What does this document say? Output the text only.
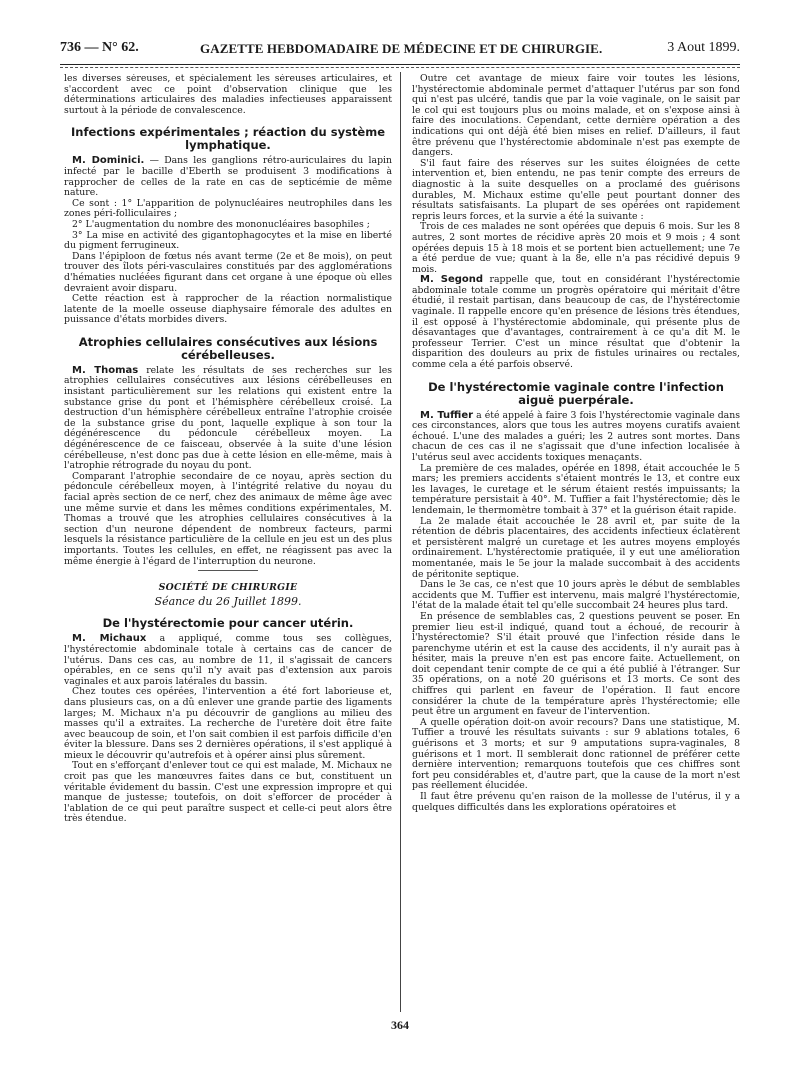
736 — N° 62.	GAZETTE HEBDOMADAIRE DE MÉDECINE ET DE CHIRURGIE.	3 Aout 1899.

les diverses séreuses, et spécialement les séreuses articulaires, et s'accordent avec ce point d'observation clinique que les déterminations articulaires des maladies infectieuses apparaissent surtout à la période de convalescence.

Infections expérimentales ; réaction du système lymphatique.

M. Dominici. — Dans les ganglions rétro-auriculaires du lapin infecté par le bacille d'Eberth se produisent 3 modifications à rapprocher de celles de la rate en cas de septicémie de même nature.

Ce sont : 1° L'apparition de polynucléaires neutrophiles dans les zones péri-folliculaires ;

2° L'augmentation du nombre des mononucléaires basophiles ;

3° La mise en activité des gigantophagocytes et la mise en liberté du pigment ferrugineux.

Dans l'épiploon de fœtus nés avant terme (2e et 8e mois), on peut trouver des îlots péri-vasculaires constitués par des agglomérations d'hématies nucléées figurant dans cet organe à une époque où elles devraient avoir disparu.

Cette réaction est à rapprocher de la réaction normalistique latente de la moelle osseuse diaphysaire fémorale des adultes en puissance d'états morbides divers.

Atrophies cellulaires consécutives aux lésions cérébelleuses.

M. Thomas relate les résultats de ses recherches sur les atrophies cellulaires consécutives aux lésions cérébelleuses en insistant particulièrement sur les relations qui existent entre la substance grise du pont et l'hémisphère cérébelleux croisé. La destruction d'un hémisphère cérébelleux entraîne l'atrophie croisée de la substance grise du pont, laquelle explique à son tour la dégénérescence du pédoncule cérébelleux moyen. La dégénérescence de ce faisceau, observée à la suite d'une lésion cérébelleuse, n'est donc pas due à cette lésion en elle-même, mais à l'atrophie rétrograde du noyau du pont.

Comparant l'atrophie secondaire de ce noyau, après section du pédoncule cérébelleux moyen, à l'intégrité relative du noyau du facial après section de ce nerf, chez des animaux de même âge avec une même survie et dans les mêmes conditions expérimentales, M. Thomas a trouvé que les atrophies cellulaires consécutives à la section d'un neurone dépendent de nombreux facteurs, parmi lesquels la résistance particulière de la cellule en jeu est un des plus importants. Toutes les cellules, en effet, ne réagissent pas avec la même énergie à l'égard de l'interruption du neurone.

SOCIÉTÉ DE CHIRURGIE
Séance du 26 Juillet 1899.
De l'hystérectomie pour cancer utérin.

M. Michaux a appliqué, comme tous ses collègues, l'hystérectomie abdominale totale à certains cas de cancer de l'utérus. Dans ces cas, au nombre de 11, il s'agissait de cancers opérables, en ce sens qu'il n'y avait pas d'extension aux parois vaginales et aux parois latérales du bassin.

Chez toutes ces opérées, l'intervention a été fort laborieuse et, dans plusieurs cas, on a dû enlever une grande partie des ligaments larges; M. Michaux n'a pu découvrir de ganglions au milieu des masses qu'il a extraites. La recherche de l'uretère doit être faite avec beaucoup de soin, et l'on sait combien il est parfois difficile d'en éviter la blessure. Dans ses 2 dernières opérations, il s'est appliqué à mieux le découvrir qu'autrefois et à opérer ainsi plus sûrement.

Tout en s'efforçant d'enlever tout ce qui est malade, M. Michaux ne croit pas que les manœuvres faites dans ce but, constituent un véritable évidement du bassin. C'est une expression impropre et qui manque de justesse; toutefois, on doit s'efforcer de procéder à l'ablation de ce qui peut paraître suspect et celle-ci peut alors être très étendue.

Outre cet avantage de mieux faire voir toutes les lésions, l'hystérectomie abdominale permet d'attaquer l'utérus par son fond qui n'est pas ulcéré, tandis que par la voie vaginale, on le saisit par le col qui est toujours plus ou moins malade, et on s'expose ainsi à faire des inoculations. Cependant, cette dernière opération a des indications qui ont déjà été bien mises en relief. D'ailleurs, il faut être prévenu que l'hystérectomie abdominale n'est pas exempte de dangers.

S'il faut faire des réserves sur les suites éloignées de cette intervention et, bien entendu, ne pas tenir compte des erreurs de diagnostic à la suite desquelles on a proclamé des guérisons durables, M. Michaux estime qu'elle peut pourtant donner des résultats satisfaisants. La plupart de ses opérées ont rapidement repris leurs forces, et la survie a été la suivante :

Trois de ces malades ne sont opérées que depuis 6 mois. Sur les 8 autres, 2 sont mortes de récidive après 20 mois et 9 mois ; 4 sont opérées depuis 15 à 18 mois et se portent bien actuellement; une 7e a été perdue de vue; quant à la 8e, elle n'a pas récidivé depuis 9 mois.

M. Segond rappelle que, tout en considérant l'hystérectomie abdominale totale comme un progrès opératoire qui méritait d'être étudié, il restait partisan, dans beaucoup de cas, de l'hystérectomie vaginale. Il rappelle encore qu'en présence de lésions très étendues, il est opposé à l'hystérectomie abdominale, qui présente plus de désavantages que d'avantages, contrairement à ce qu'a dit M. le professeur Terrier. C'est un mince résultat que d'obtenir la disparition des douleurs au prix de fistules urinaires ou rectales, comme cela a été parfois observé.

De l'hystérectomie vaginale contre l'infection aiguë puerpérale.

M. Tuffier a été appelé à faire 3 fois l'hystérectomie vaginale dans ces circonstances, alors que tous les autres moyens curatifs avaient échoué. L'une des malades a guéri; les 2 autres sont mortes. Dans chacun de ces cas il ne s'agissait que d'une infection localisée à l'utérus seul avec accidents toxiques menaçants.

La première de ces malades, opérée en 1898, était accouchée le 5 mars; les premiers accidents s'étaient montrés le 13, et contre eux les lavages, le curetage et le sérum étaient restés impuissants; la température persistait à 40°. M. Tuffier a fait l'hystérectomie; dès le lendemain, le thermomètre tombait à 37° et la guérison était rapide.

La 2e malade était accouchée le 28 avril et, par suite de la rétention de débris placentaires, des accidents infectieux éclatèrent et persistèrent malgré un curetage et les autres moyens employés ordinairement. L'hystérectomie pratiquée, il y eut une amélioration momentanée, mais le 5e jour la malade succombait à des accidents de péritonite septique.

Dans le 3e cas, ce n'est que 10 jours après le début de semblables accidents que M. Tuffier est intervenu, mais malgré l'hystérectomie, l'état de la malade était tel qu'elle succombait 24 heures plus tard.

En présence de semblables cas, 2 questions peuvent se poser. En premier lieu est-il indiqué, quand tout a échoué, de recourir à l'hystérectomie? S'il était prouvé que l'infection réside dans le parenchyme utérin et est la cause des accidents, il n'y aurait pas à hésiter, mais la preuve n'en est pas encore faite. Actuellement, on doit cependant tenir compte de ce qui a été publié à l'étranger. Sur 35 opérations, on a noté 20 guérisons et 13 morts. Ce sont des chiffres qui parlent en faveur de l'opération. Il faut encore considérer la chute de la température après l'hystérectomie; elle peut être un argument en faveur de l'intervention.

A quelle opération doit-on avoir recours? Dans une statistique, M. Tuffier a trouvé les résultats suivants : sur 9 ablations totales, 6 guérisons et 3 morts; et sur 9 amputations supra-vaginales, 8 guérisons et 1 mort. Il semblerait donc rationnel de préférer cette dernière intervention; remarquons toutefois que ces chiffres sont fort peu considérables et, d'autre part, que la cause de la mort n'est pas réellement élucidée.

Il faut être prévenu qu'en raison de la mollesse de l'utérus, il y a quelques difficultés dans les explorations opératoires et

364
